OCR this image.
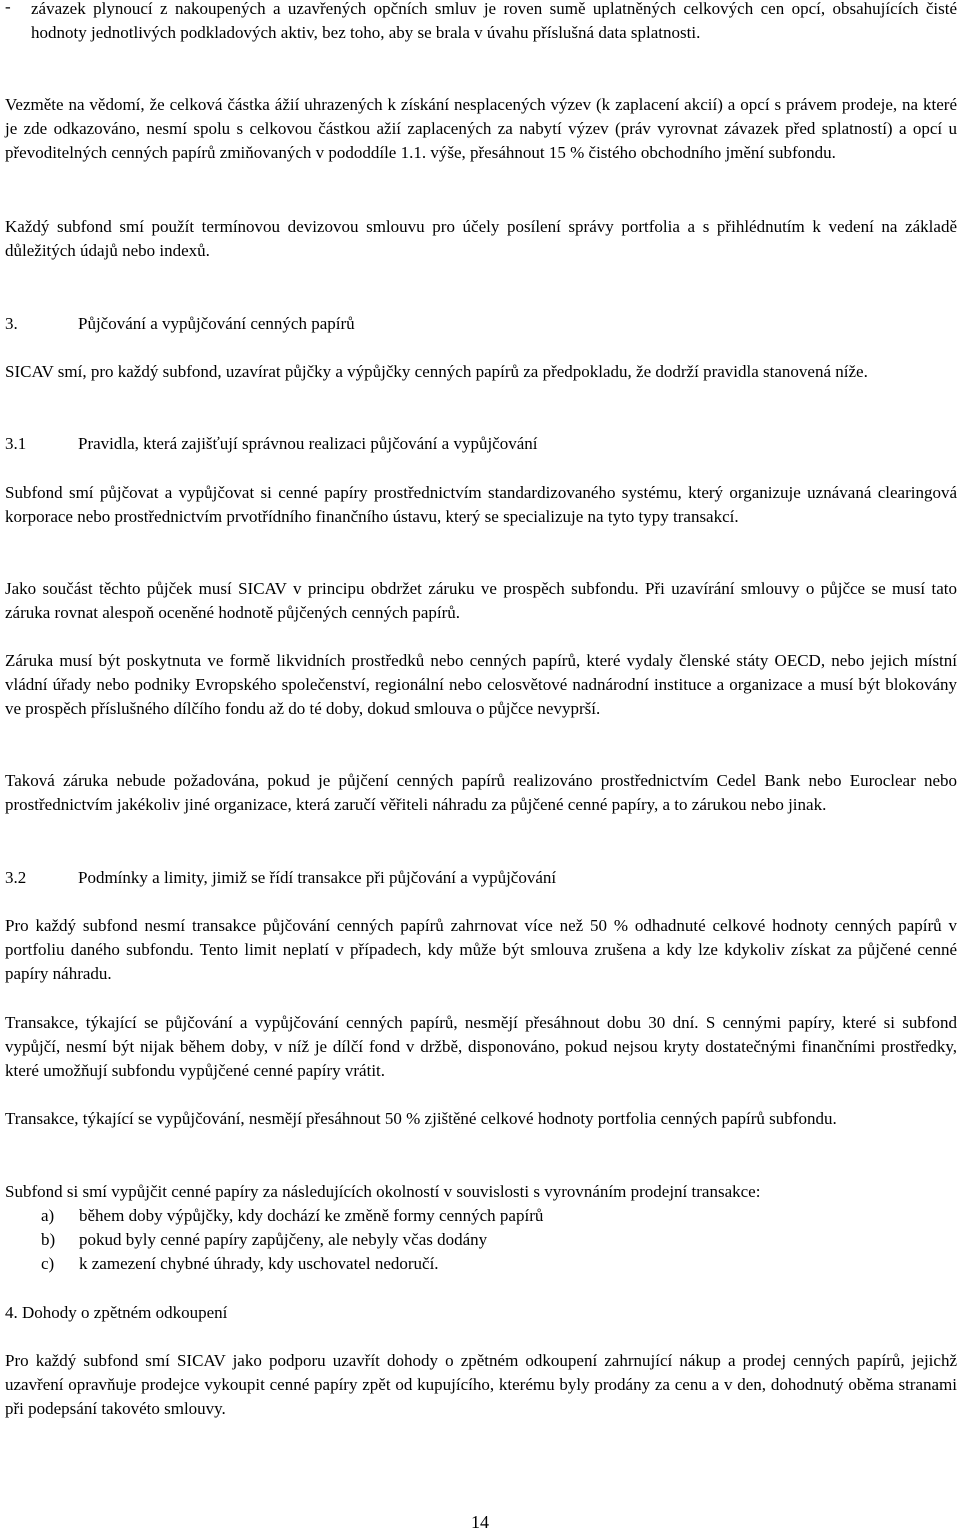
- závazek plynoucí z nakoupených a uzavřených opčních smluv je roven sumě uplatněných celkových cen opcí, obsahujících čisté hodnoty jednotlivých podkladových aktiv, bez toho, aby se brala v úvahu příslušná data splatnosti.

Vezměte na vědomí, že celková částka ážií uhrazených k získání nesplacených výzev (k zaplacení akcií) a opcí s právem prodeje, na které je zde odkazováno, nesmí spolu s celkovou částkou ažií zaplacených za nabytí výzev (práv vyrovnat závazek před splatností) a opcí u převoditelných cenných papírů zmiňovaných v pododdíle 1.1. výše, přesáhnout 15 % čistého obchodního jmění subfondu.

Každý subfond smí použít termínovou devizovou smlouvu pro účely posílení správy portfolia a s přihlédnutím k vedení na základě důležitých údajů nebo indexů.

3.	Půjčování a vypůjčování cenných papírů

SICAV smí, pro každý subfond, uzavírat půjčky a výpůjčky cenných papírů za předpokladu, že dodrží pravidla stanovená níže.

3.1	Pravidla, která zajišťují správnou realizaci půjčování a vypůjčování

Subfond smí půjčovat a vypůjčovat si cenné papíry prostřednictvím standardizovaného systému, který organizuje uznávaná clearingová korporace nebo prostřednictvím prvotřídního finančního ústavu, který se specializuje na tyto typy transakcí.

Jako součást těchto půjček musí SICAV v principu obdržet záruku ve prospěch subfondu. Při uzavírání smlouvy o půjčce se musí tato záruka rovnat alespoň oceněné hodnotě půjčených cenných papírů.

Záruka musí být poskytnuta ve formě likvidních prostředků nebo cenných papírů, které vydaly členské státy OECD, nebo jejich místní vládní úřady nebo podniky Evropského společenství, regionální nebo celosvětové nadnárodní instituce a organizace a musí být blokovány ve prospěch příslušného dílčího fondu až do té doby, dokud smlouva o půjčce nevyprší.

Taková záruka nebude požadována, pokud je půjčení cenných papírů realizováno prostřednictvím Cedel Bank nebo Euroclear nebo prostřednictvím jakékoliv jiné organizace, která zaručí věřiteli náhradu za půjčené cenné papíry, a to zárukou nebo jinak.

3.2	Podmínky a limity, jimiž se řídí transakce při půjčování a vypůjčování

Pro každý subfond nesmí transakce půjčování cenných papírů zahrnovat více než 50 % odhadnuté celkové hodnoty cenných papírů v portfoliu daného subfondu. Tento limit neplatí v případech, kdy může být smlouva zrušena a kdy lze kdykoliv získat za půjčené cenné papíry náhradu.

Transakce, týkající se půjčování a vypůjčování cenných papírů, nesmějí přesáhnout dobu 30 dní. S cennými papíry, které si subfond vypůjčí, nesmí být nijak během doby, v níž je dílčí fond v držbě, disponováno, pokud nejsou kryty dostatečnými finančními prostředky, které umožňují subfondu vypůjčené cenné papíry vrátit.

Transakce, týkající se vypůjčování, nesmějí přesáhnout 50 % zjištěné celkové hodnoty portfolia cenných papírů subfondu.

Subfond si smí vypůjčit cenné papíry za následujících okolností v souvislosti s vyrovnáním prodejní transakce:

a) během doby výpůjčky, kdy dochází ke změně formy cenných papírů
b) pokud byly cenné papíry zapůjčeny, ale nebyly včas dodány
c) k zamezení chybné úhrady, kdy uschovatel nedoručí.
4. Dohody o zpětném odkoupení

Pro každý subfond smí SICAV jako podporu uzavřít dohody o zpětném odkoupení zahrnující nákup a prodej cenných papírů, jejichž uzavření opravňuje prodejce vykoupit cenné papíry zpět od kupujícího, kterému byly prodány za cenu a v den, dohodnutý oběma stranami při podepsání takovéto smlouvy.

14
